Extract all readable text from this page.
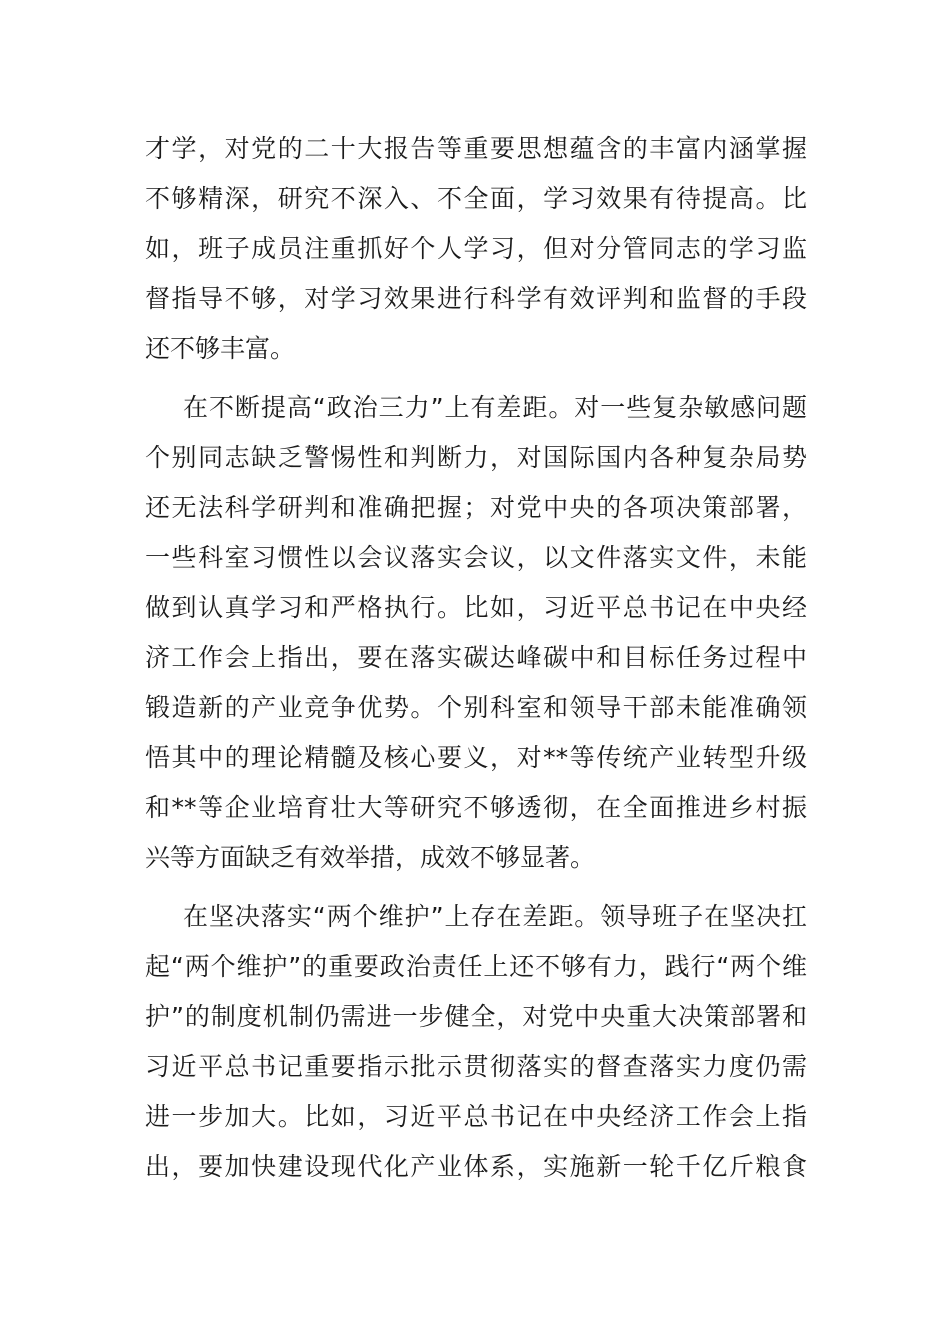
才学，对党的二十大报告等重要思想蕴含的丰富内涵掌握
不够精深，研究不深入、不全面，学习效果有待提高。比
如，班子成员注重抓好个人学习，但对分管同志的学习监
督指导不够，对学习效果进行科学有效评判和监督的手段
还不够丰富。
在不断提高“政治三力”上有差距。对一些复杂敏感问题
个别同志缺乏警惕性和判断力，对国际国内各种复杂局势
还无法科学研判和准确把握；对党中央的各项决策部署，
一些科室习惯性以会议落实会议，以文件落实文件，未能
做到认真学习和严格执行。比如，习近平总书记在中央经
济工作会上指出，要在落实碳达峰碳中和目标任务过程中
锻造新的产业竞争优势。个别科室和领导干部未能准确领
悟其中的理论精髓及核心要义，对**等传统产业转型升级
和**等企业培育壮大等研究不够透彻，在全面推进乡村振
兴等方面缺乏有效举措，成效不够显著。
在坚决落实“两个维护”上存在差距。领导班子在坚决扛
起“两个维护”的重要政治责任上还不够有力，践行“两个维
护”的制度机制仍需进一步健全，对党中央重大决策部署和
习近平总书记重要指示批示贯彻落实的督查落实力度仍需
进一步加大。比如，习近平总书记在中央经济工作会上指
出，要加快建设现代化产业体系，实施新一轮千亿斤粮食
